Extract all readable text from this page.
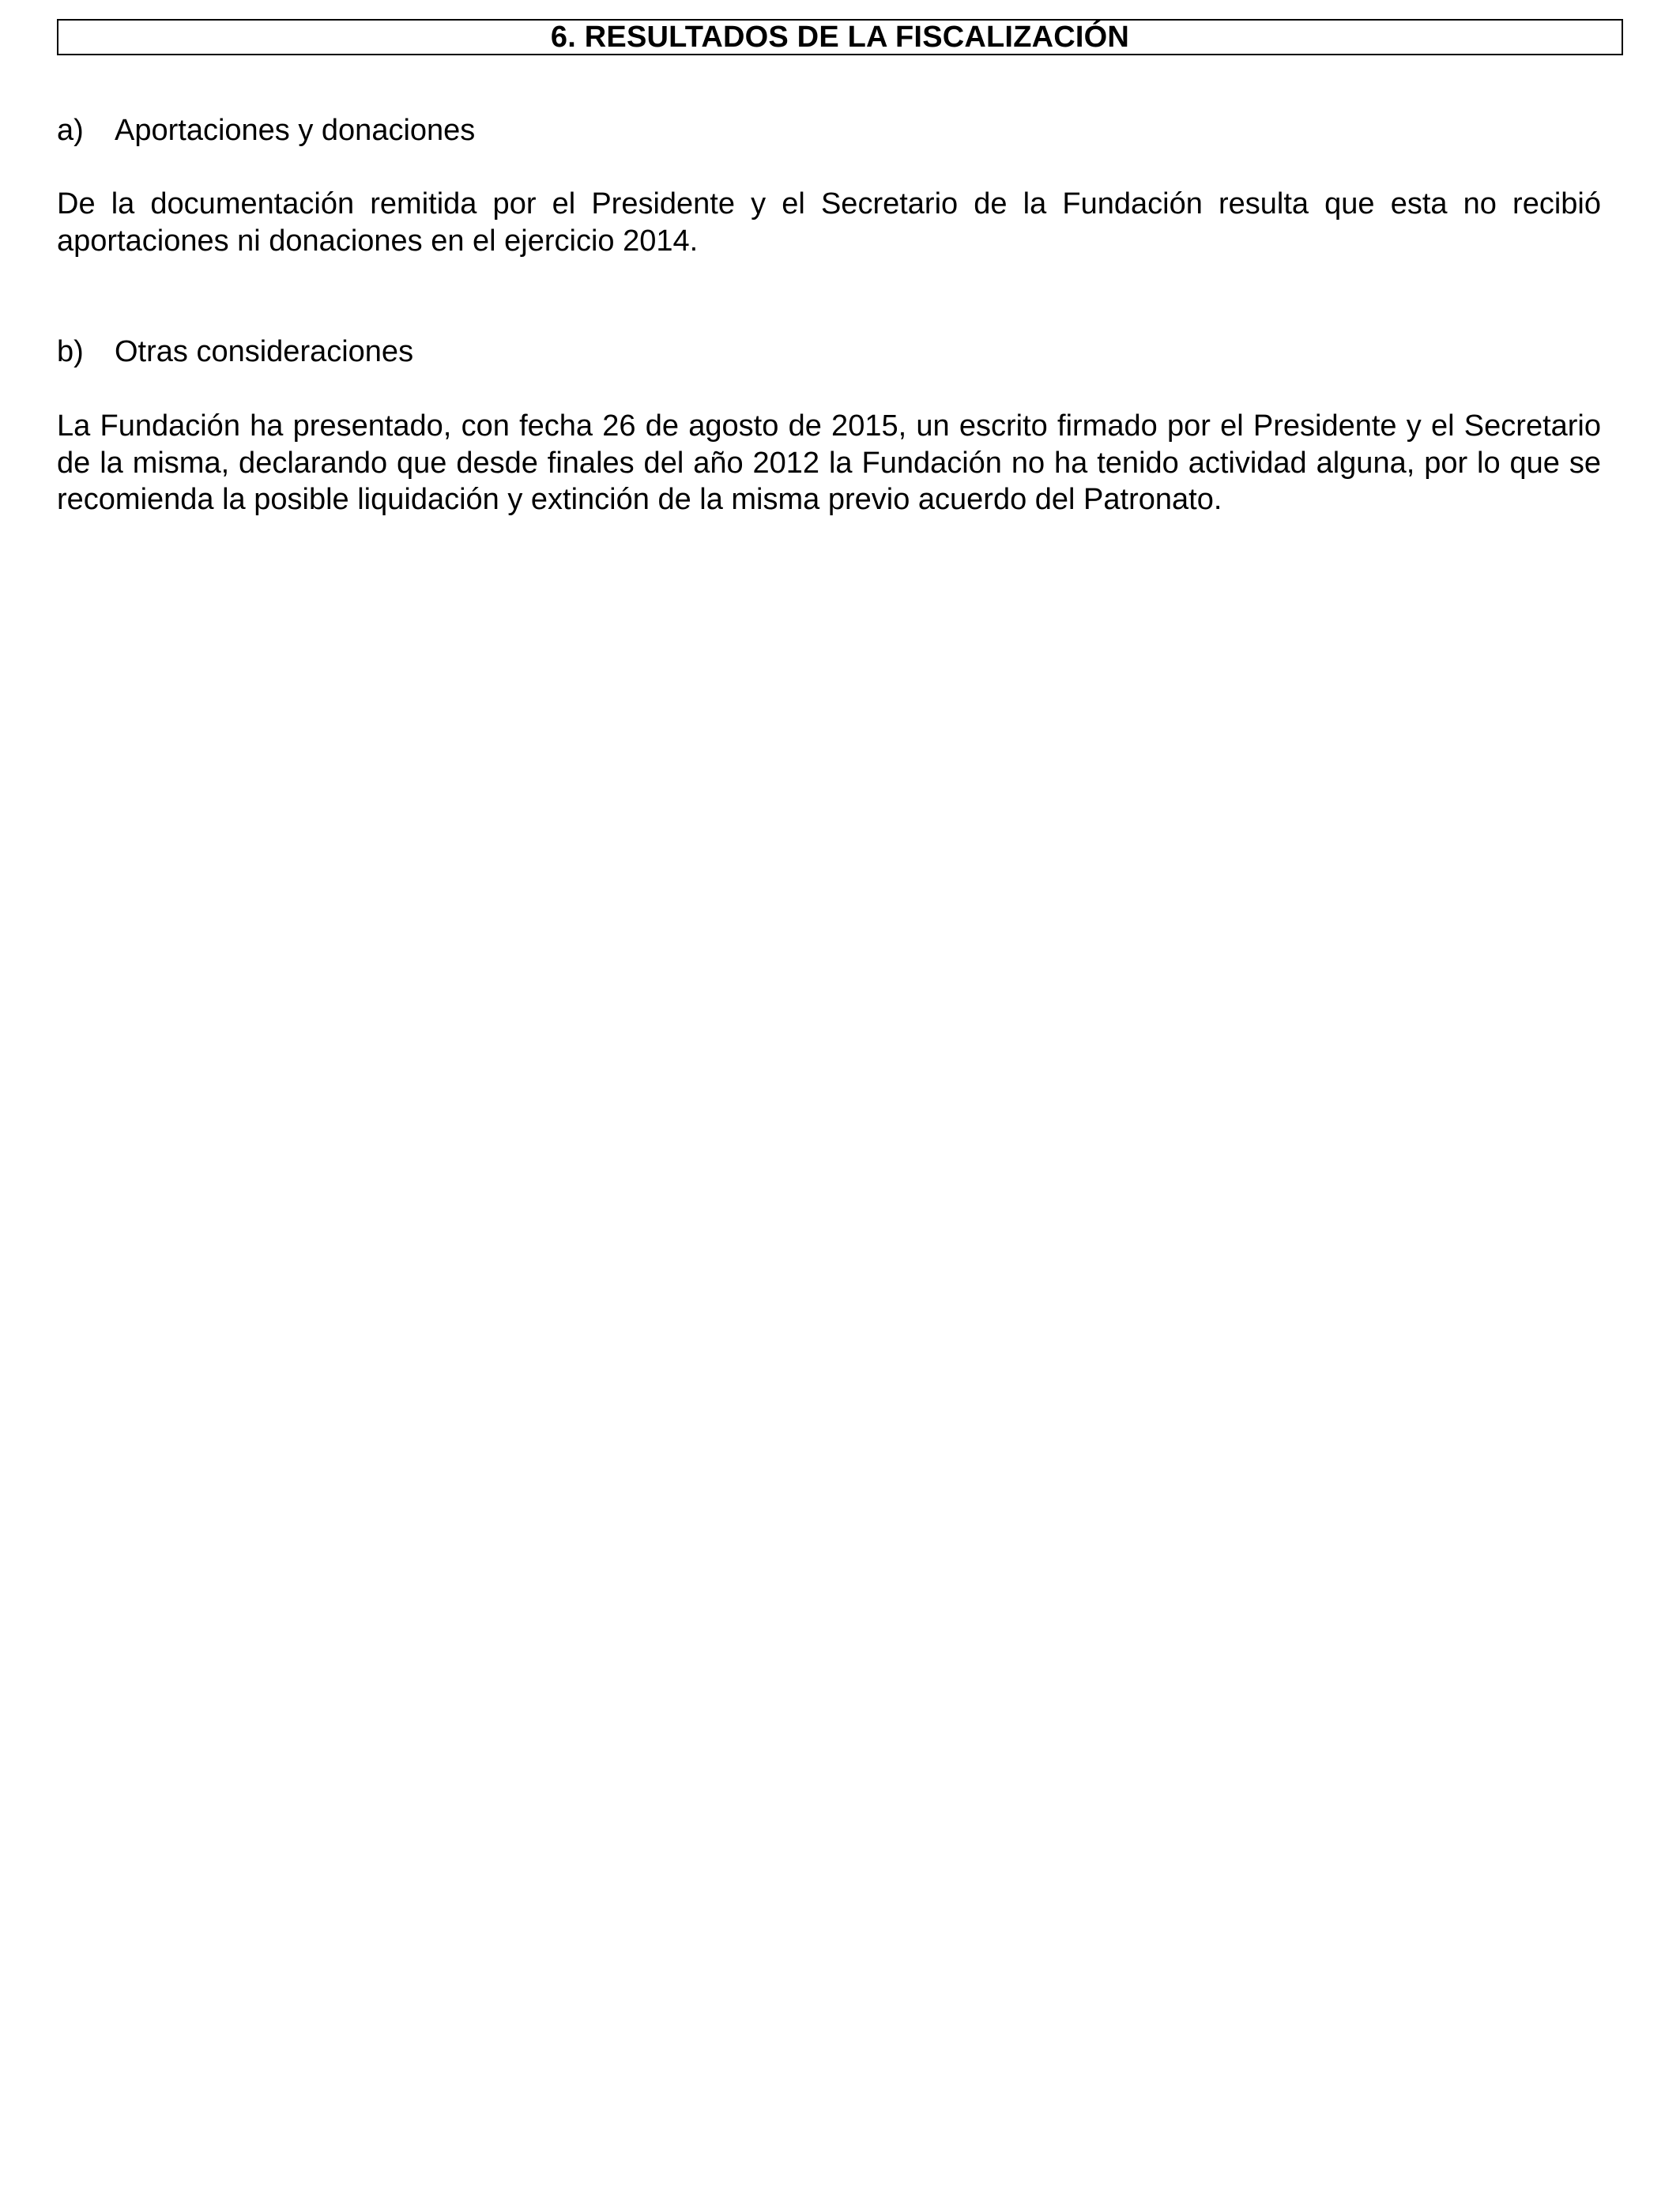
6. RESULTADOS DE LA FISCALIZACIÓN
a)	Aportaciones y donaciones

De la documentación remitida por el Presidente y el Secretario de la Fundación resulta que esta no recibió aportaciones ni donaciones en el ejercicio 2014.

b)	Otras consideraciones

La Fundación ha presentado, con fecha 26 de agosto de 2015, un escrito firmado por el Presidente y el Secretario de la misma, declarando que desde finales del año 2012 la Fundación no ha tenido actividad alguna, por lo que se recomienda la posible liquidación y extinción de la misma previo acuerdo del Patronato.
